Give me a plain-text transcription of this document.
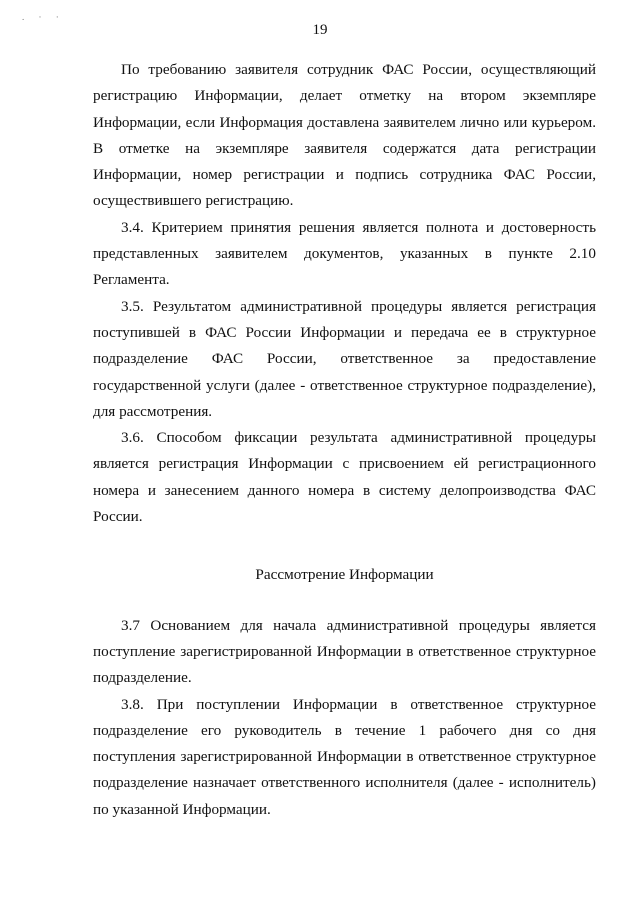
. · ·
19

По требованию заявителя сотрудник ФАС России, осуществляющий регистрацию Информации, делает отметку на втором экземпляре Информации, если Информация доставлена заявителем лично или курьером. В отметке на экземпляре заявителя содержатся дата регистрации Информации, номер регистрации и подпись сотрудника ФАС России, осуществившего регистрацию.

3.4. Критерием принятия решения является полнота и достоверность представленных заявителем документов, указанных в пункте 2.10 Регламента.

3.5. Результатом административной процедуры является регистрация поступившей в ФАС России Информации и передача ее в структурное подразделение ФАС России, ответственное за предоставление государственной услуги (далее - ответственное структурное подразделение), для рассмотрения.

3.6. Способом фиксации результата административной процедуры является регистрация Информации с присвоением ей регистрационного номера и занесением данного номера в систему делопроизводства ФАС России.

Рассмотрение Информации

3.7 Основанием для начала административной процедуры является поступление зарегистрированной Информации в ответственное структурное подразделение.

3.8. При поступлении Информации в ответственное структурное подразделение его руководитель в течение 1 рабочего дня со дня поступления зарегистрированной Информации в ответственное структурное подразделение назначает ответственного исполнителя (далее - исполнитель) по указанной Информации.
